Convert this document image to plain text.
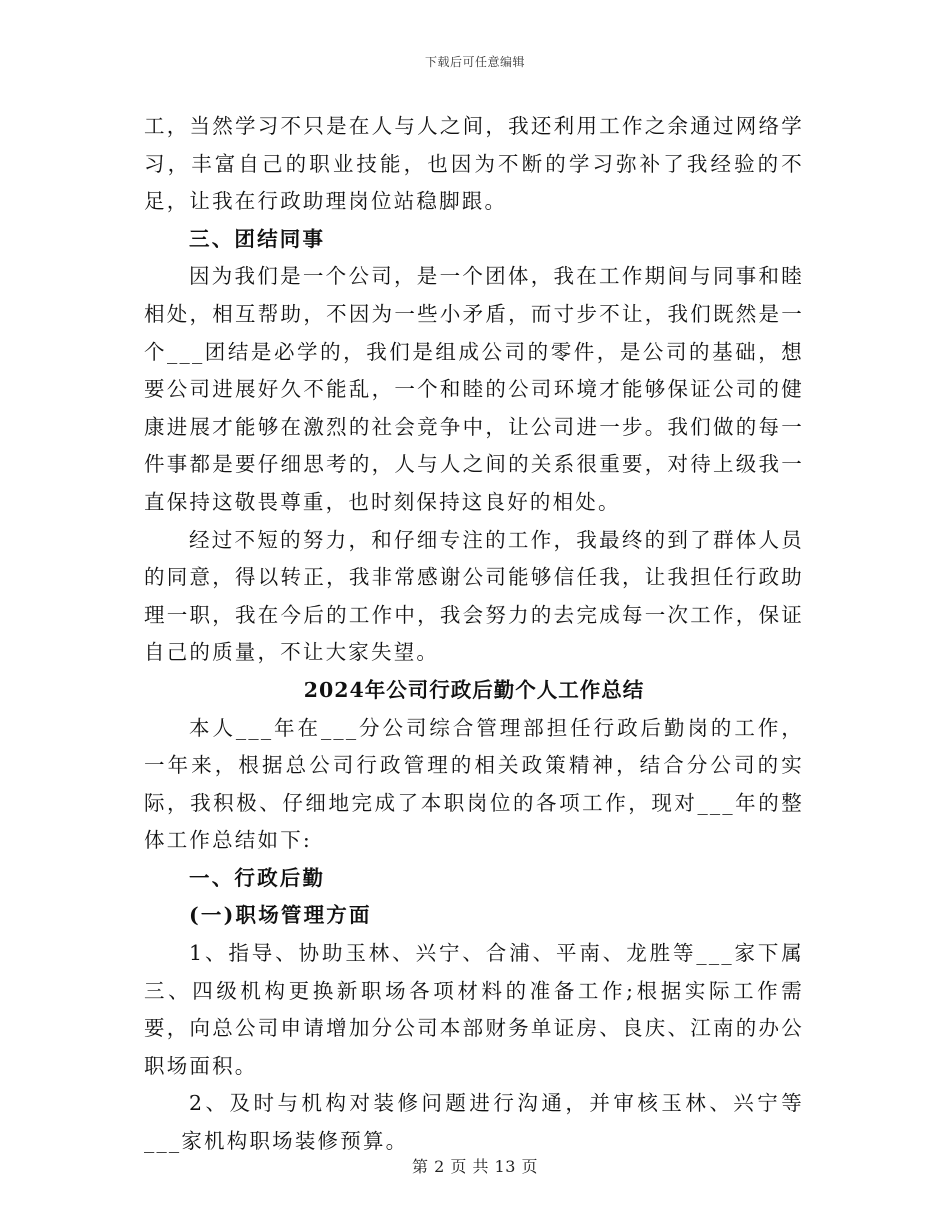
下载后可任意编辑

工，当然学习不只是在人与人之间，我还利用工作之余通过网络学习，丰富自己的职业技能，也因为不断的学习弥补了我经验的不足，让我在行政助理岗位站稳脚跟。

三、团结同事

因为我们是一个公司，是一个团体，我在工作期间与同事和睦相处，相互帮助，不因为一些小矛盾，而寸步不让，我们既然是一个___团结是必学的，我们是组成公司的零件，是公司的基础，想要公司进展好久不能乱，一个和睦的公司环境才能够保证公司的健康进展才能够在激烈的社会竞争中，让公司进一步。我们做的每一件事都是要仔细思考的，人与人之间的关系很重要，对待上级我一直保持这敬畏尊重，也时刻保持这良好的相处。

经过不短的努力，和仔细专注的工作，我最终的到了群体人员的同意，得以转正，我非常感谢公司能够信任我，让我担任行政助理一职，我在今后的工作中，我会努力的去完成每一次工作，保证自己的质量，不让大家失望。

2024年公司行政后勤个人工作总结

本人___年在___分公司综合管理部担任行政后勤岗的工作，一年来，根据总公司行政管理的相关政策精神，结合分公司的实际，我积极、仔细地完成了本职岗位的各项工作，现对___年的整体工作总结如下:

一、行政后勤

(一)职场管理方面

1、指导、协助玉林、兴宁、合浦、平南、龙胜等___家下属三、四级机构更换新职场各项材料的准备工作;根据实际工作需要，向总公司申请增加分公司本部财务单证房、良庆、江南的办公职场面积。

2、及时与机构对装修问题进行沟通，并审核玉林、兴宁等___家机构职场装修预算。

第 2 页 共 13 页
